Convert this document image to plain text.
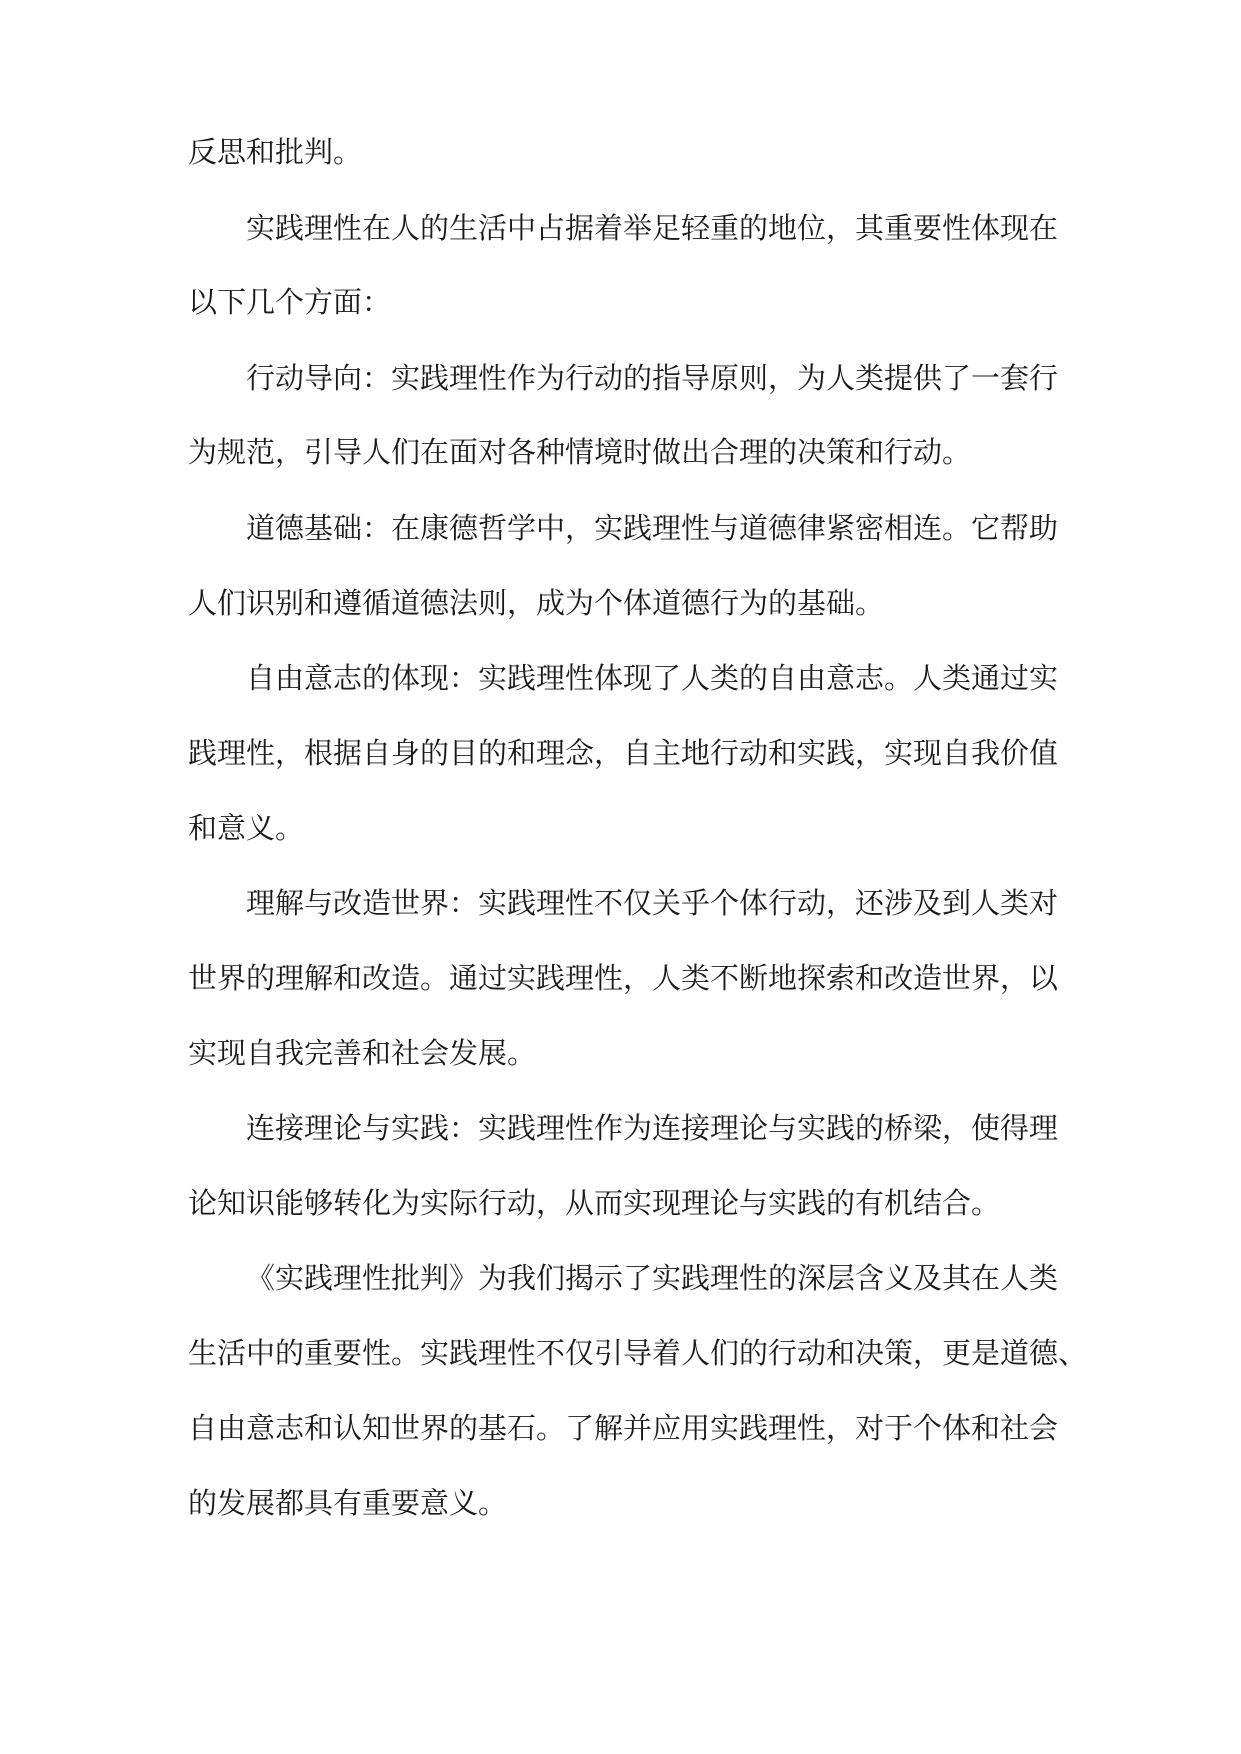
反思和批判。
实践理性在人的生活中占据着举足轻重的地位，其重要性体现在
以下几个方面：
行动导向：实践理性作为行动的指导原则，为人类提供了一套行
为规范，引导人们在面对各种情境时做出合理的决策和行动。
道德基础：在康德哲学中，实践理性与道德律紧密相连。它帮助
人们识别和遵循道德法则，成为个体道德行为的基础。
自由意志的体现：实践理性体现了人类的自由意志。人类通过实
践理性，根据自身的目的和理念，自主地行动和实践，实现自我价值
和意义。
理解与改造世界：实践理性不仅关乎个体行动，还涉及到人类对
世界的理解和改造。通过实践理性，人类不断地探索和改造世界，以
实现自我完善和社会发展。
连接理论与实践：实践理性作为连接理论与实践的桥梁，使得理
论知识能够转化为实际行动，从而实现理论与实践的有机结合。
《实践理性批判》为我们揭示了实践理性的深层含义及其在人类
生活中的重要性。实践理性不仅引导着人们的行动和决策，更是道德、
自由意志和认知世界的基石。了解并应用实践理性，对于个体和社会
的发展都具有重要意义。
